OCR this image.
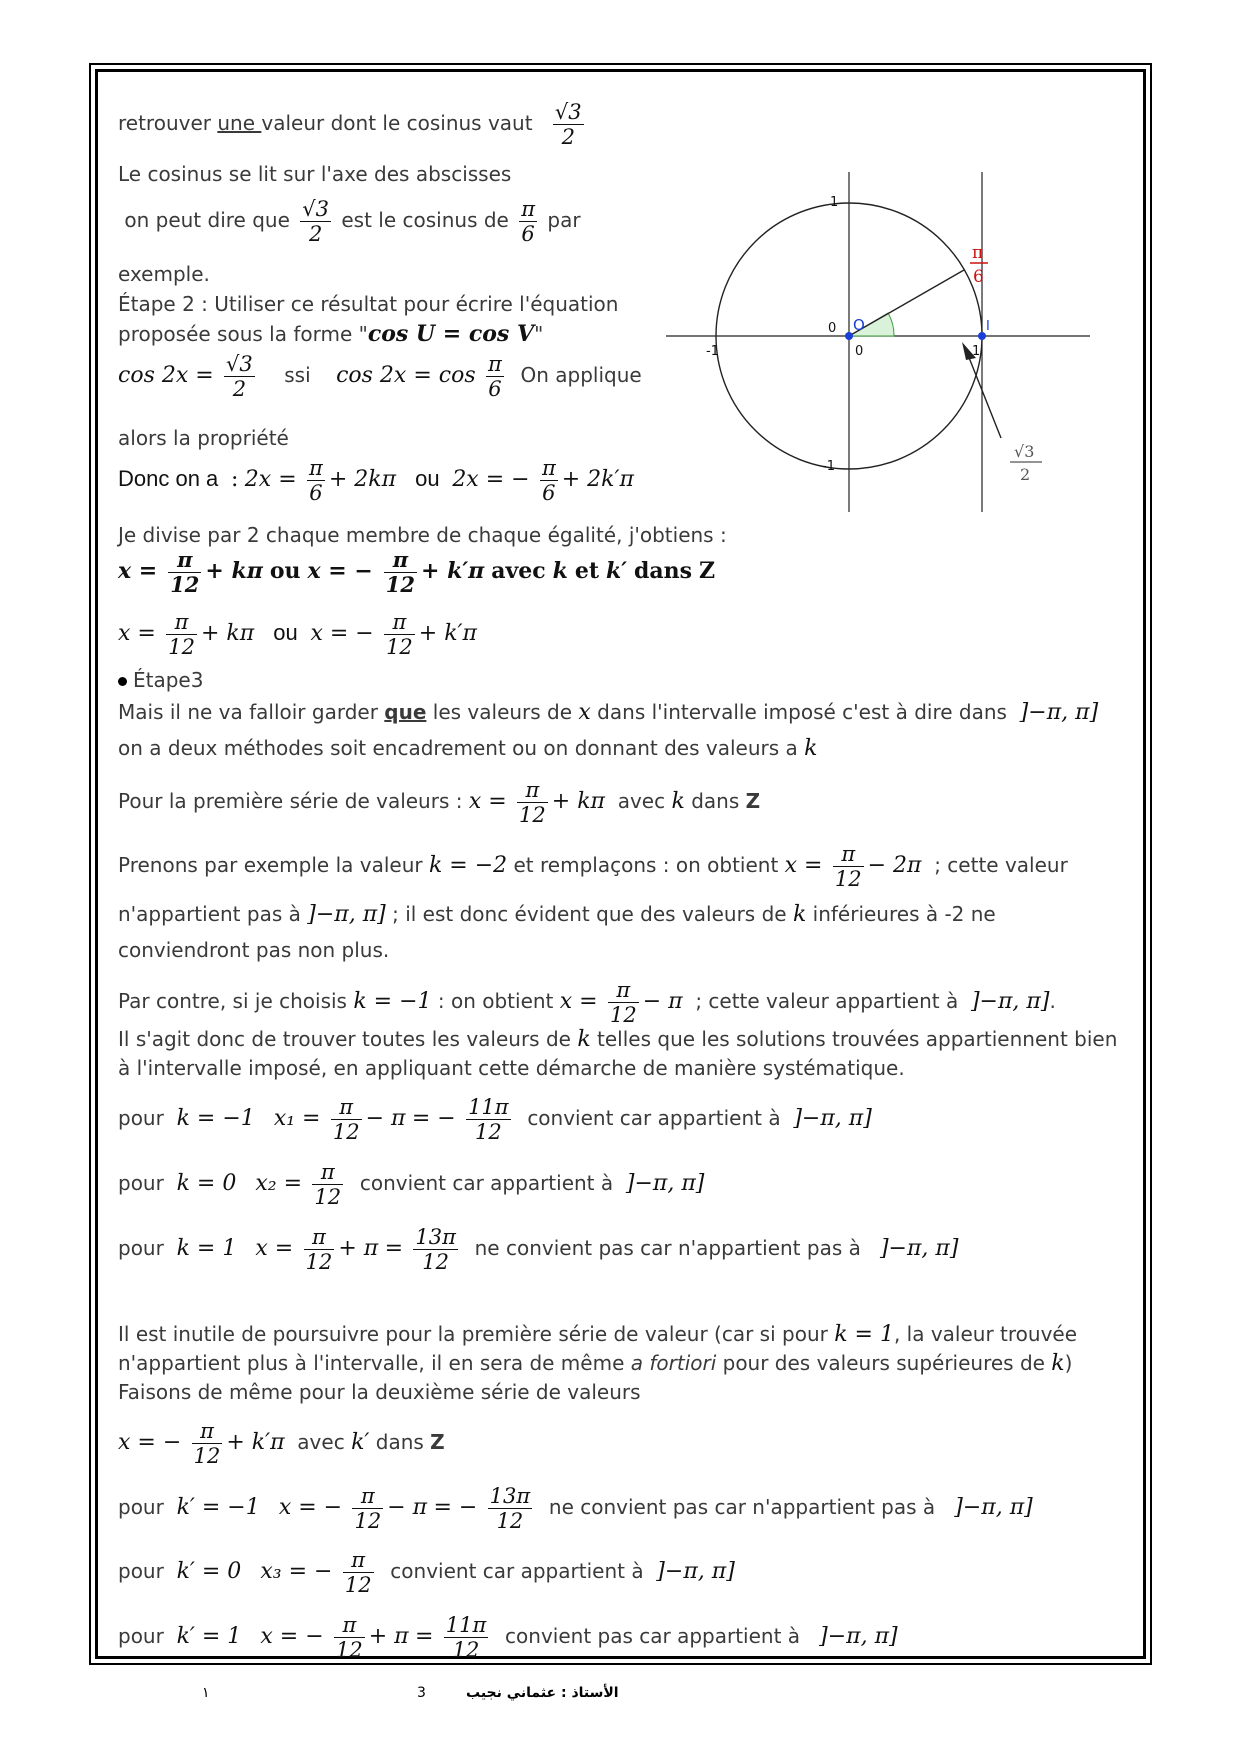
retrouver une valeur dont le cosinus vaut $\frac{√3}{2}$
Le cosinus se lit sur l'axe des abscisses
on peut dire que $\frac{√3}{2}$ est le cosinus de $\frac{\pi}{6}$ par
exemple.
Étape 2 : Utiliser ce résultat pour écrire l'équation
proposée sous la forme "cos U = cos V"
$\cos 2x = \frac{√3}{2}$ ssi $\cos 2x = \cos \frac{\pi}{6}$ On applique
alors la propriété
Donc on a : $2x = \frac{\pi}{6} + 2k\pi$ ou 2x = − $\frac{\pi}{6} + 2k'\pi$
Je divise par 2 chaque membre de chaque égalité, j'obtiens :
$x = \frac{\pi}{12} + k\pi$ ou x = − $\frac{\pi}{12} + k'\pi$ avec k et k′ dans Z
$x = \frac{\pi}{12} + k\pi$ ou x = − $\frac{\pi}{12} + k'\pi$
Étape3
Mais il ne va falloir garder que les valeurs de x dans l'intervalle imposé c'est à dire dans ]−π, π]
on a deux méthodes soit encadrement ou on donnant des valeurs a k
Pour la première série de valeurs : $x = \frac{\pi}{12} + k\pi$ avec k dans Z
Prenons par exemple la valeur k = −2 et remplaçons : on obtient $x = \frac{\pi}{12} - 2\pi$ ; cette valeur
n'appartient pas à ]−π, π] ; il est donc évident que des valeurs de k inférieures à -2 ne
conviendront pas non plus.
Par contre, si je choisis k = −1 : on obtient $x = \frac{\pi}{12} - \pi$ ; cette valeur appartient à ]−π, π].
Il s'agit donc de trouver toutes les valeurs de k telles que les solutions trouvées appartiennent bien
à l'intervalle imposé, en appliquant cette démarche de manière systématique.
pour k = −1 $x_1 = \frac{\pi}{12} - \pi$ = − $\frac{11\pi}{12}$ convient car appartient à ]−π, π]
pour k = 0 $x_2 = \frac{\pi}{12}$ convient car appartient à ]−π, π]
pour k = 1 $x = \frac{\pi}{12} + \pi = \frac{13\pi}{12}$ ne convient pas car n'appartient pas à ]−π, π]
Il est inutile de poursuivre pour la première série de valeur (car si pour k = 1, la valeur trouvée
n'appartient plus à l'intervalle, il en sera de même a fortiori pour des valeurs supérieures de k)
Faisons de même pour la deuxième série de valeurs
x = − $\frac{\pi}{12} + k'\pi$ avec k′ dans Z
pour k′ = −1 x = − $\frac{\pi}{12} - \pi$ = − $\frac{13\pi}{12}$ ne convient pas car n'appartient pas à ]−π, π]
pour k′ = 0 x₃ = − $\frac{\pi}{12}$ convient car appartient à ]−π, π]
pour k′ = 1 x = − $\frac{\pi}{12} + \pi = \frac{11\pi}{12}$ convient pas car appartient à ]−π, π]
1
0
-1	0	1
-1
O	I
π
6
√3
2
١	3	الأستاذ : عثماني نجيب
